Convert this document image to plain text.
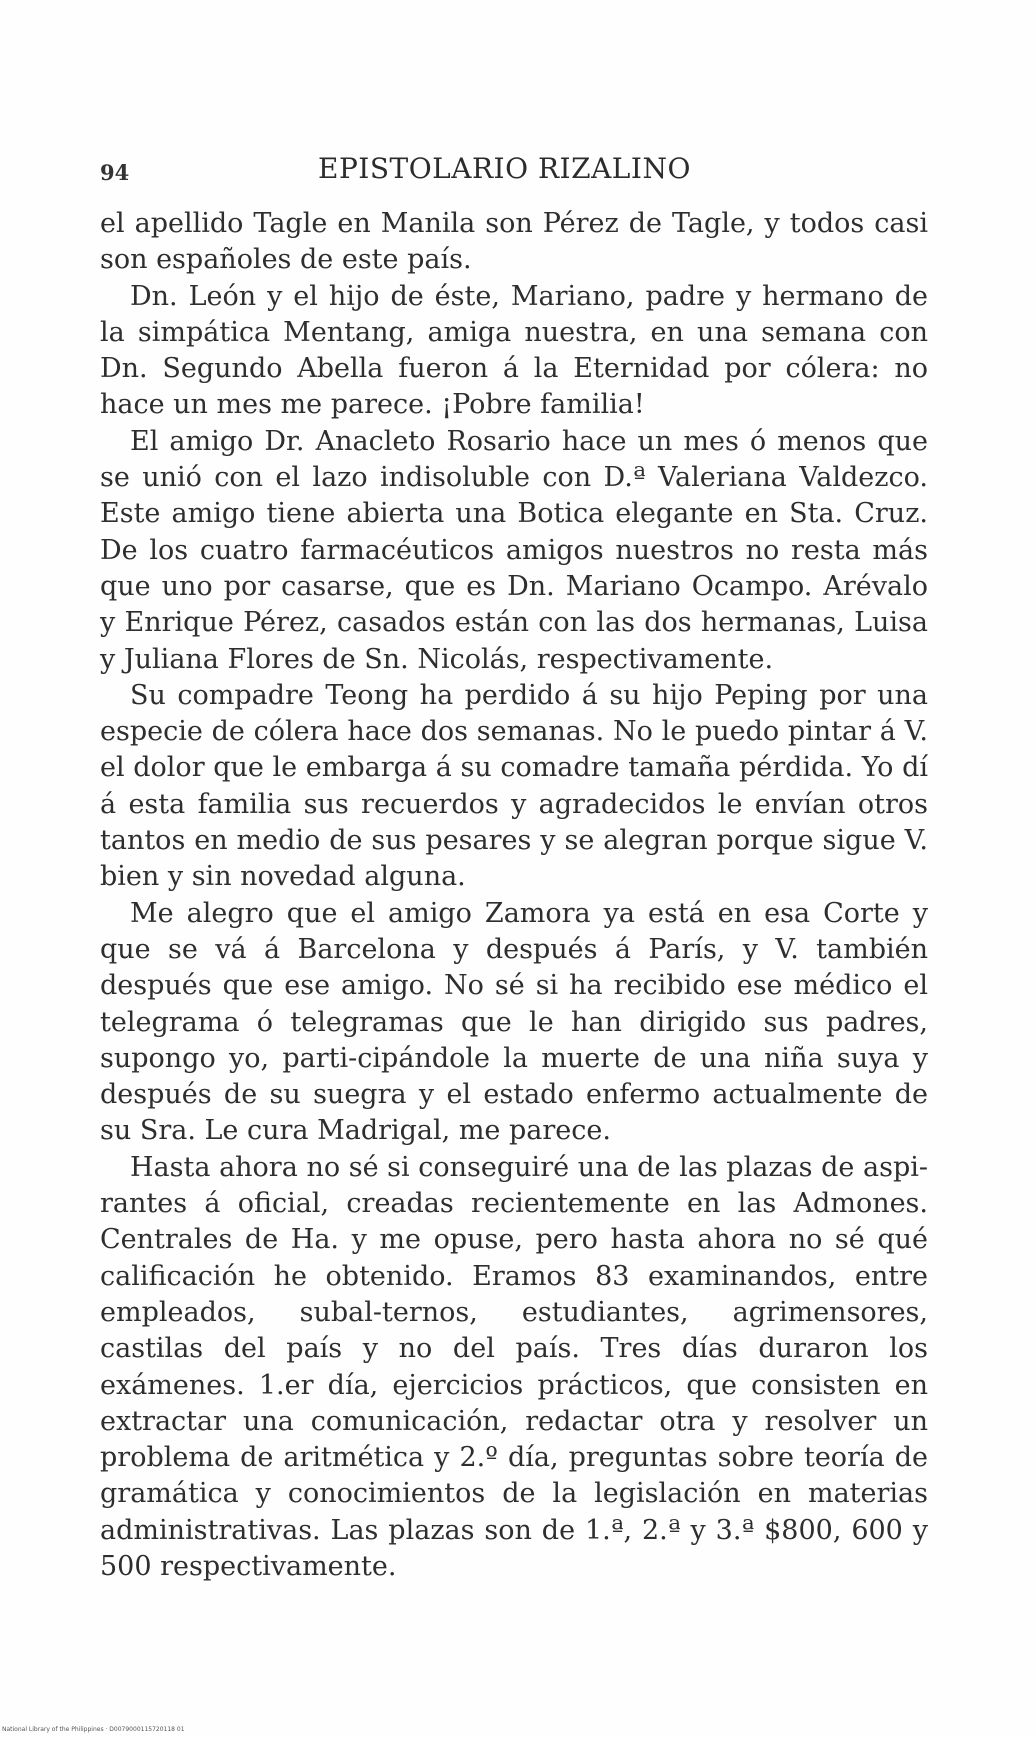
94	EPISTOLARIO RIZALINO

el apellido Tagle en Manila son Pérez de Tagle, y todos casi son españoles de este país.

Dn. León y el hijo de éste, Mariano, padre y hermano de la simpática Mentang, amiga nuestra, en una semana con Dn. Segundo Abella fueron á la Eternidad por cólera: no hace un mes me parece. ¡Pobre familia!

El amigo Dr. Anacleto Rosario hace un mes ó menos que se unió con el lazo indisoluble con D.ª Valeriana Valdezco. Este amigo tiene abierta una Botica elegante en Sta. Cruz. De los cuatro farmacéuticos amigos nuestros no resta más que uno por casarse, que es Dn. Mariano Ocampo. Arévalo y Enrique Pérez, casados están con las dos hermanas, Luisa y Juliana Flores de Sn. Nicolás, respectivamente.

Su compadre Teong ha perdido á su hijo Peping por una especie de cólera hace dos semanas. No le puedo pintar á V. el dolor que le embarga á su comadre tamaña pérdida. Yo dí á esta familia sus recuerdos y agradecidos le envían otros tantos en medio de sus pesares y se alegran porque sigue V. bien y sin novedad alguna.

Me alegro que el amigo Zamora ya está en esa Corte y que se vá á Barcelona y después á París, y V. también después que ese amigo. No sé si ha recibido ese médico el telegrama ó telegramas que le han dirigido sus padres, supongo yo, parti-cipándole la muerte de una niña suya y después de su suegra y el estado enfermo actualmente de su Sra. Le cura Madrigal, me parece.

Hasta ahora no sé si conseguiré una de las plazas de aspi-rantes á oficial, creadas recientemente en las Admones. Centrales de Ha. y me opuse, pero hasta ahora no sé qué calificación he obtenido. Eramos 83 examinandos, entre empleados, subal-ternos, estudiantes, agrimensores, castilas del país y no del país. Tres días duraron los exámenes. 1.er día, ejercicios prácticos, que consisten en extractar una comunicación, redactar otra y resolver un problema de aritmética y 2.º día, preguntas sobre teoría de gramática y conocimientos de la legislación en materias administrativas. Las plazas son de 1.ª, 2.ª y 3.ª $800, 600 y 500 respectivamente.

National Library of the Philippines · D0079000115720118 01
